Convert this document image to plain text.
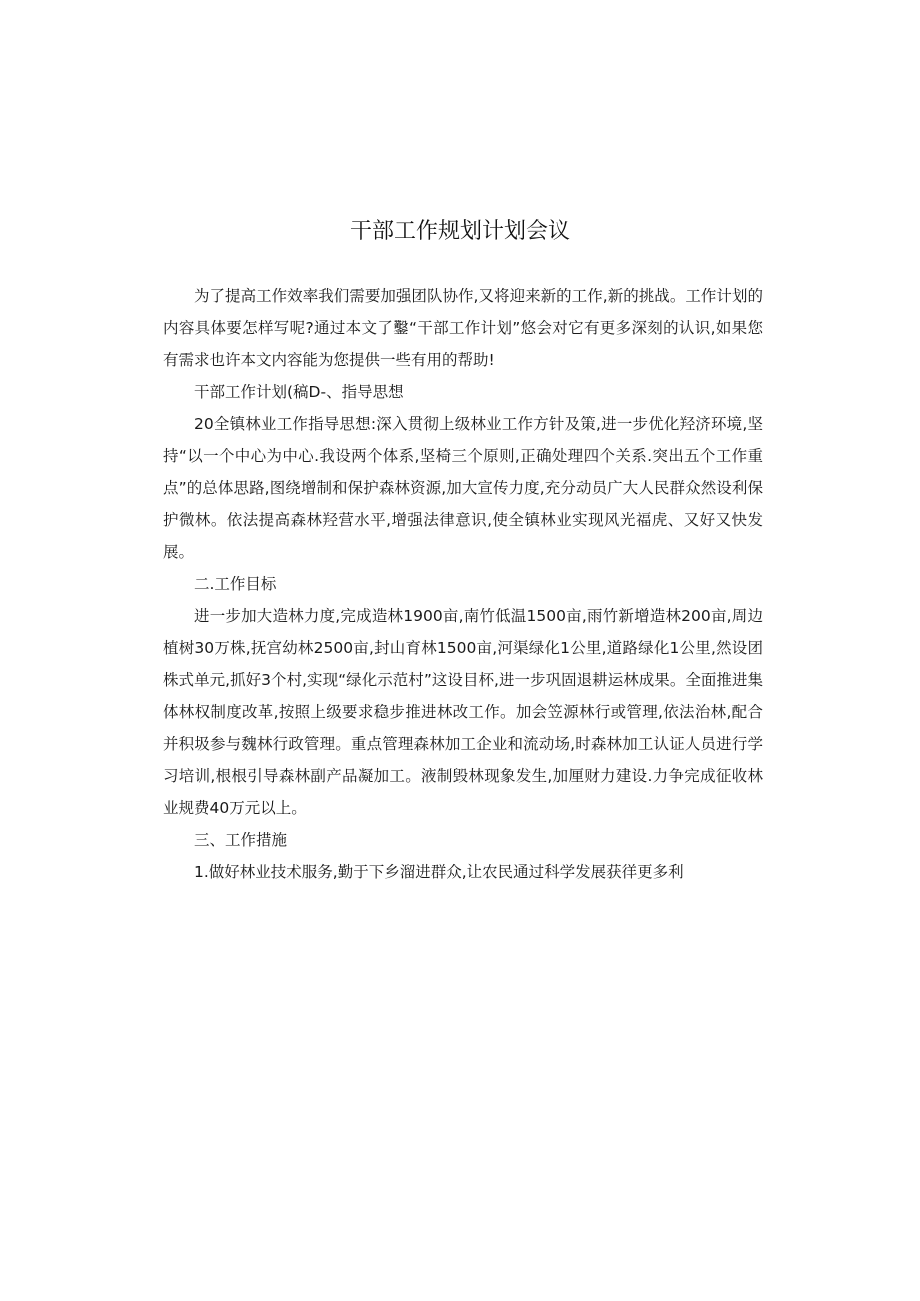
干部工作规划计划会议

为了提高工作效率我们需要加强团队协作,又将迎来新的工作,新的挑战。工作计划的内容具体要怎样写呢?通过本文了鑿“干部工作计划”悠会对它有更多深刻的认识,如果您有需求也许本文内容能为您提供一些有用的帮助!

干部工作计划(稿D-、指导思想

20全镇林业工作指导思想:深入贯彻上级林业工作方针及策,进一步优化羟济环境,坚持“以一个中心为中心.我设两个体系,坚椅三个原则,正确处理四个关系.突出五个工作重点”的总体思路,图绕增制和保护森林资源,加大宣传力度,充分动员广大人民群众然设利保护微林。依法提高森林羟营水平,增强法律意识,使全镇林业实现风光福虎、又好又快发展。

二.工作目标

进一步加大造林力度,完成造林1900亩,南竹低温1500亩,雨竹新增造林200亩,周边植树30万株,抚宫幼林2500亩,封山育林1500亩,河渠绿化1公里,道路绿化1公里,然设团株式单元,抓好3个村,实现“绿化示范村”这设目杯,进一步巩固退耕运林成果。全面推进集体林权制度改革,按照上级要求稳步推进林改工作。加会笠源林行或管理,依法治林,配合并积圾参与魏林行政管理。重点管理森林加工企业和流动场,时森林加工认证人员进行学习培训,根根引导森林副产品凝加工。液制毁林现象发生,加厘财力建设.力争完成征收林业规费40万元以上。

三、工作措施

1.做好林业技术服务,勤于下乡溜进群众,让农民通过科学发展获徉更多利
